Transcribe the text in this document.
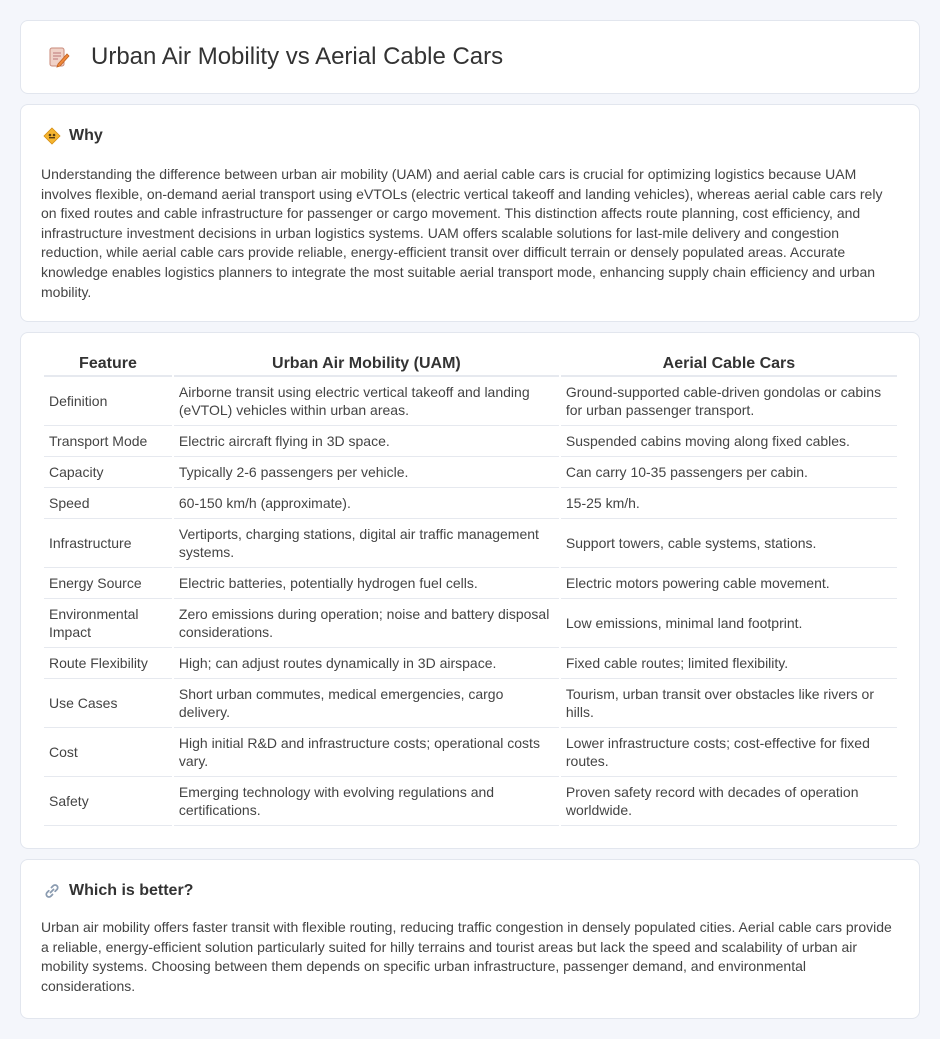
Urban Air Mobility vs Aerial Cable Cars
Why

Understanding the difference between urban air mobility (UAM) and aerial cable cars is crucial for optimizing logistics because UAM involves flexible, on-demand aerial transport using eVTOLs (electric vertical takeoff and landing vehicles), whereas aerial cable cars rely on fixed routes and cable infrastructure for passenger or cargo movement. This distinction affects route planning, cost efficiency, and infrastructure investment decisions in urban logistics systems. UAM offers scalable solutions for last-mile delivery and congestion reduction, while aerial cable cars provide reliable, energy-efficient transit over difficult terrain or densely populated areas. Accurate knowledge enables logistics planners to integrate the most suitable aerial transport mode, enhancing supply chain efficiency and urban mobility.

Feature	Urban Air Mobility (UAM)	Aerial Cable Cars
Definition	Airborne transit using electric vertical takeoff and landing (eVTOL) vehicles within urban areas.	Ground-supported cable-driven gondolas or cabins for urban passenger transport.
Transport Mode	Electric aircraft flying in 3D space.	Suspended cabins moving along fixed cables.
Capacity	Typically 2-6 passengers per vehicle.	Can carry 10-35 passengers per cabin.
Speed	60-150 km/h (approximate).	15-25 km/h.
Infrastructure	Vertiports, charging stations, digital air traffic management systems.	Support towers, cable systems, stations.
Energy Source	Electric batteries, potentially hydrogen fuel cells.	Electric motors powering cable movement.
Environmental Impact	Zero emissions during operation; noise and battery disposal considerations.	Low emissions, minimal land footprint.
Route Flexibility	High; can adjust routes dynamically in 3D airspace.	Fixed cable routes; limited flexibility.
Use Cases	Short urban commutes, medical emergencies, cargo delivery.	Tourism, urban transit over obstacles like rivers or hills.
Cost	High initial R&D and infrastructure costs; operational costs vary.	Lower infrastructure costs; cost-effective for fixed routes.
Safety	Emerging technology with evolving regulations and certifications.	Proven safety record with decades of operation worldwide.
Which is better?

Urban air mobility offers faster transit with flexible routing, reducing traffic congestion in densely populated cities. Aerial cable cars provide a reliable, energy-efficient solution particularly suited for hilly terrains and tourist areas but lack the speed and scalability of urban air mobility systems. Choosing between them depends on specific urban infrastructure, passenger demand, and environmental considerations.
